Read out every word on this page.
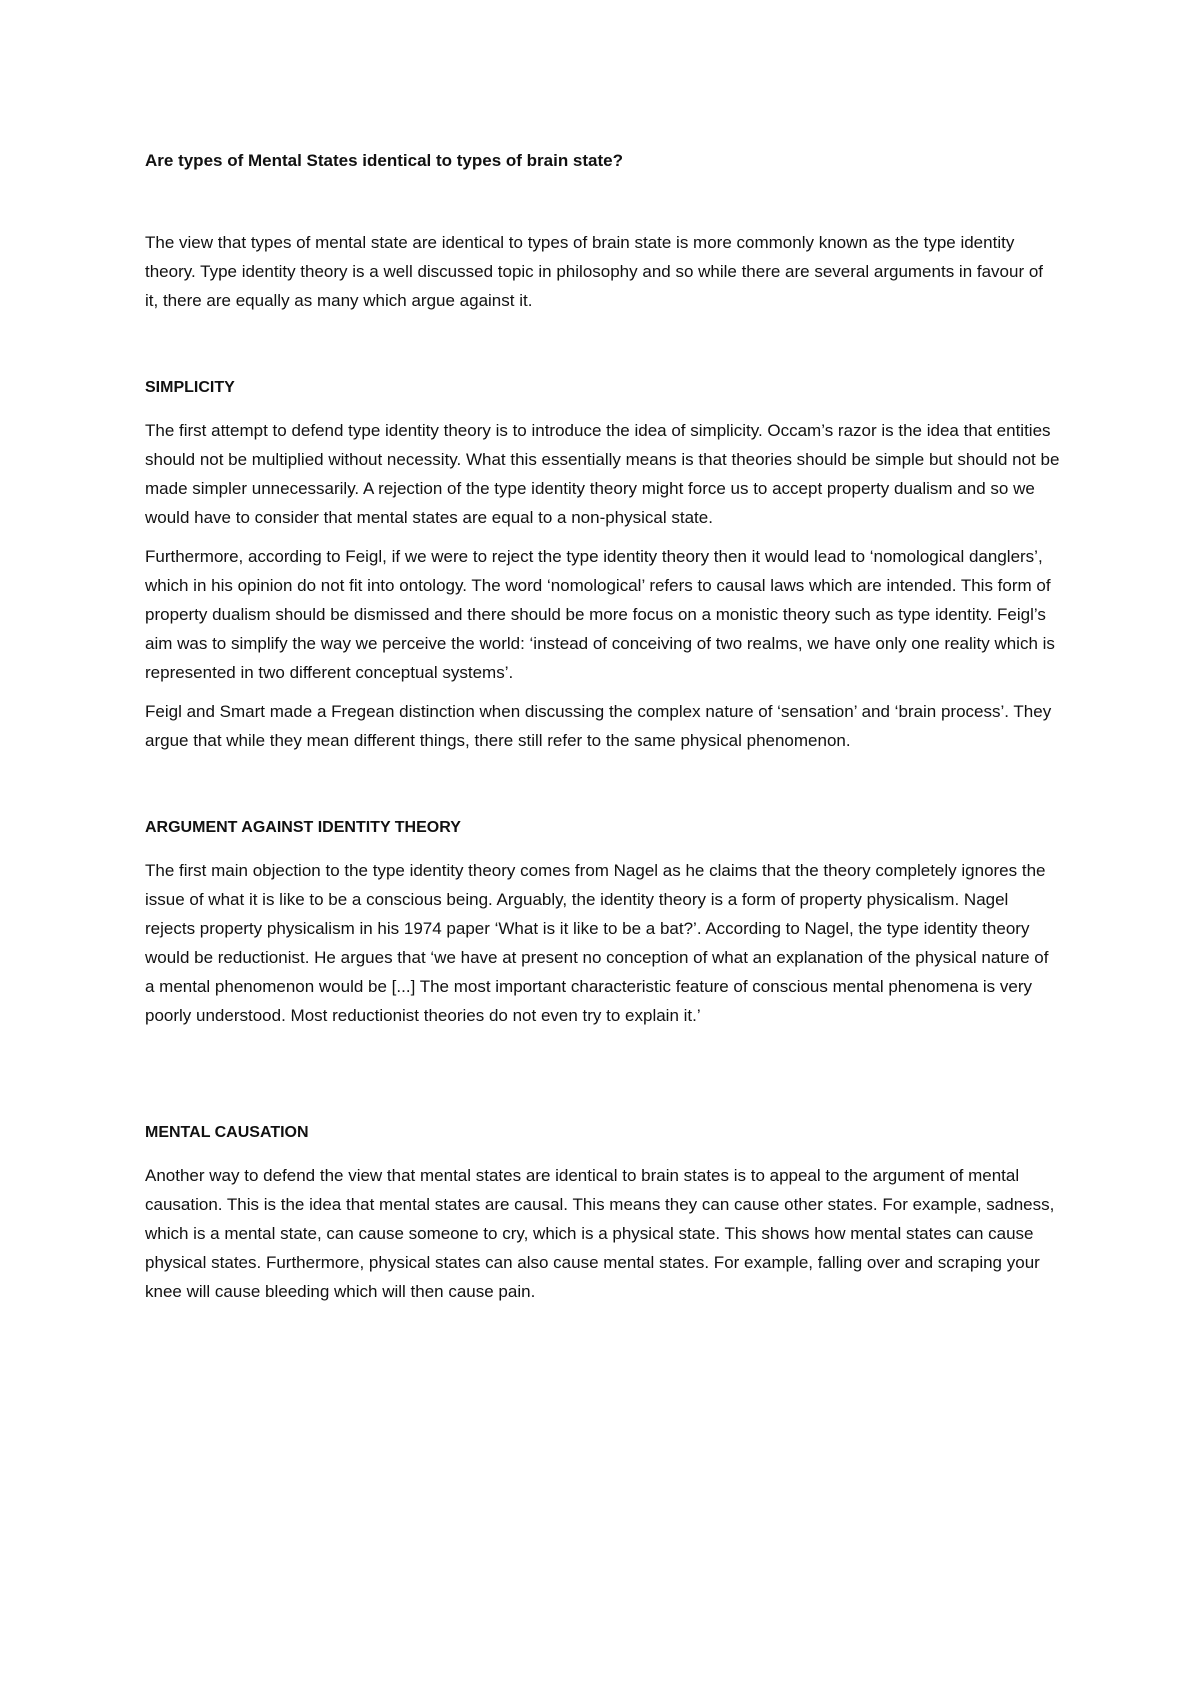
Are types of Mental States identical to types of brain state?

The view that types of mental state are identical to types of brain state is more commonly known as the type identity theory. Type identity theory is a well discussed topic in philosophy and so while there are several arguments in favour of it, there are equally as many which argue against it.

SIMPLICITY

The first attempt to defend type identity theory is to introduce the idea of simplicity. Occam’s razor is the idea that entities should not be multiplied without necessity. What this essentially means is that theories should be simple but should not be made simpler unnecessarily. A rejection of the type identity theory might force us to accept property dualism and so we would have to consider that mental states are equal to a non-physical state.

Furthermore, according to Feigl, if we were to reject the type identity theory then it would lead to ‘nomological danglers’, which in his opinion do not fit into ontology. The word ‘nomological’ refers to causal laws which are intended. This form of property dualism should be dismissed and there should be more focus on a monistic theory such as type identity. Feigl’s aim was to simplify the way we perceive the world: ‘instead of conceiving of two realms, we have only one reality which is represented in two different conceptual systems’.

Feigl and Smart made a Fregean distinction when discussing the complex nature of ‘sensation’ and ‘brain process’. They argue that while they mean different things, there still refer to the same physical phenomenon.

ARGUMENT AGAINST IDENTITY THEORY

The first main objection to the type identity theory comes from Nagel as he claims that the theory completely ignores the issue of what it is like to be a conscious being. Arguably, the identity theory is a form of property physicalism. Nagel rejects property physicalism in his 1974 paper ‘What is it like to be a bat?’. According to Nagel, the type identity theory would be reductionist. He argues that ‘we have at present no conception of what an explanation of the physical nature of a mental phenomenon would be [...] The most important characteristic feature of conscious mental phenomena is very poorly understood. Most reductionist theories do not even try to explain it.’

MENTAL CAUSATION

Another way to defend the view that mental states are identical to brain states is to appeal to the argument of mental causation. This is the idea that mental states are causal. This means they can cause other states. For example, sadness, which is a mental state, can cause someone to cry, which is a physical state. This shows how mental states can cause physical states. Furthermore, physical states can also cause mental states. For example, falling over and scraping your knee will cause bleeding which will then cause pain.
